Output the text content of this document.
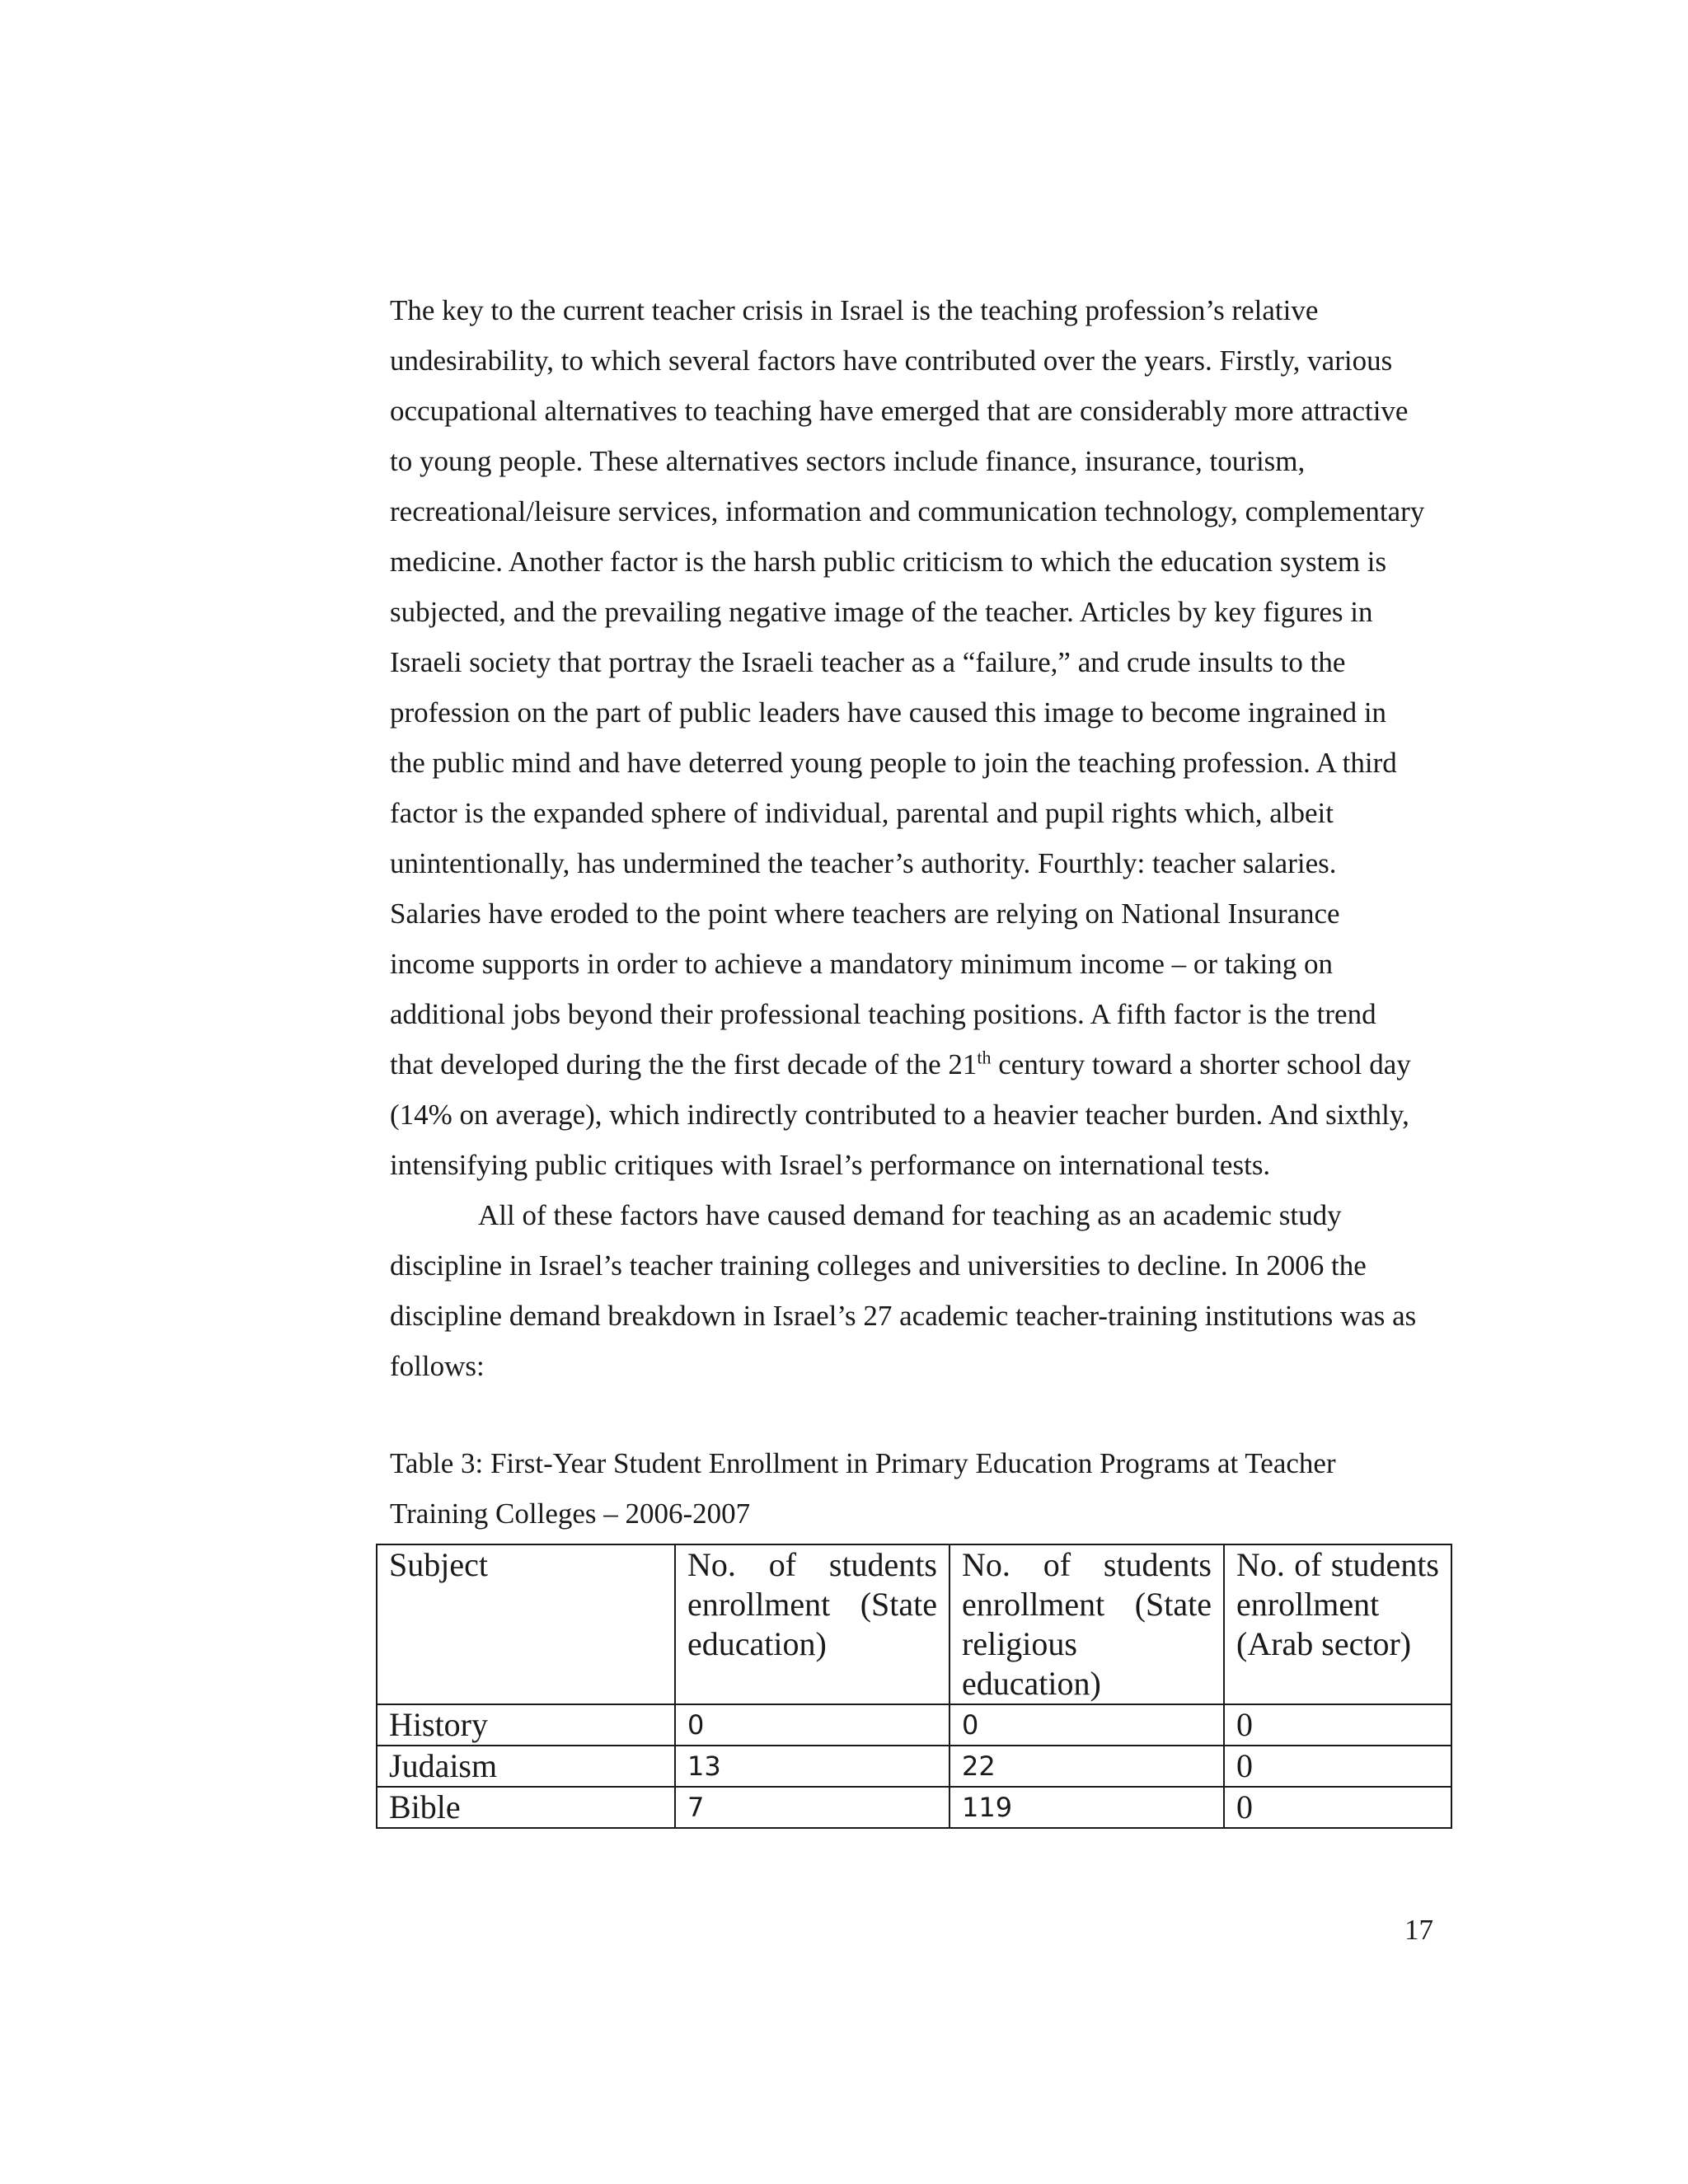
The key to the current teacher crisis in Israel is the teaching profession’s relative
undesirability, to which several factors have contributed over the years. Firstly, various
occupational alternatives to teaching have emerged that are considerably more attractive
to young people. These alternatives sectors include finance, insurance, tourism,
recreational/leisure services, information and communication technology, complementary
medicine. Another factor is the harsh public criticism to which the education system is
subjected, and the prevailing negative image of the teacher. Articles by key figures in
Israeli society that portray the Israeli teacher as a “failure,” and crude insults to the
profession on the part of public leaders have caused this image to become ingrained in
the public mind and have deterred young people to join the teaching profession. A third
factor is the expanded sphere of individual, parental and pupil rights which, albeit
unintentionally, has undermined the teacher’s authority. Fourthly: teacher salaries.
Salaries have eroded to the point where teachers are relying on National Insurance
income supports in order to achieve a mandatory minimum income – or taking on
additional jobs beyond their professional teaching positions. A fifth factor is the trend
that developed during the the first decade of the 21th century toward a shorter school day
(14% on average), which indirectly contributed to a heavier teacher burden. And sixthly,
intensifying public critiques with Israel’s performance on international tests.
All of these factors have caused demand for teaching as an academic study
discipline in Israel’s teacher training colleges and universities to decline. In 2006 the
discipline demand breakdown in Israel’s 27 academic teacher-training institutions was as
follows:
Table 3: First-Year Student Enrollment in Primary Education Programs at Teacher
Training Colleges – 2006-2007
Subject	No. of students enrollment (State education)	No. of students enrollment (State religious education)	No. of students enrollment (Arab sector)
History	0	0	0
Judaism	13	22	0
Bible	7	119	0
17
